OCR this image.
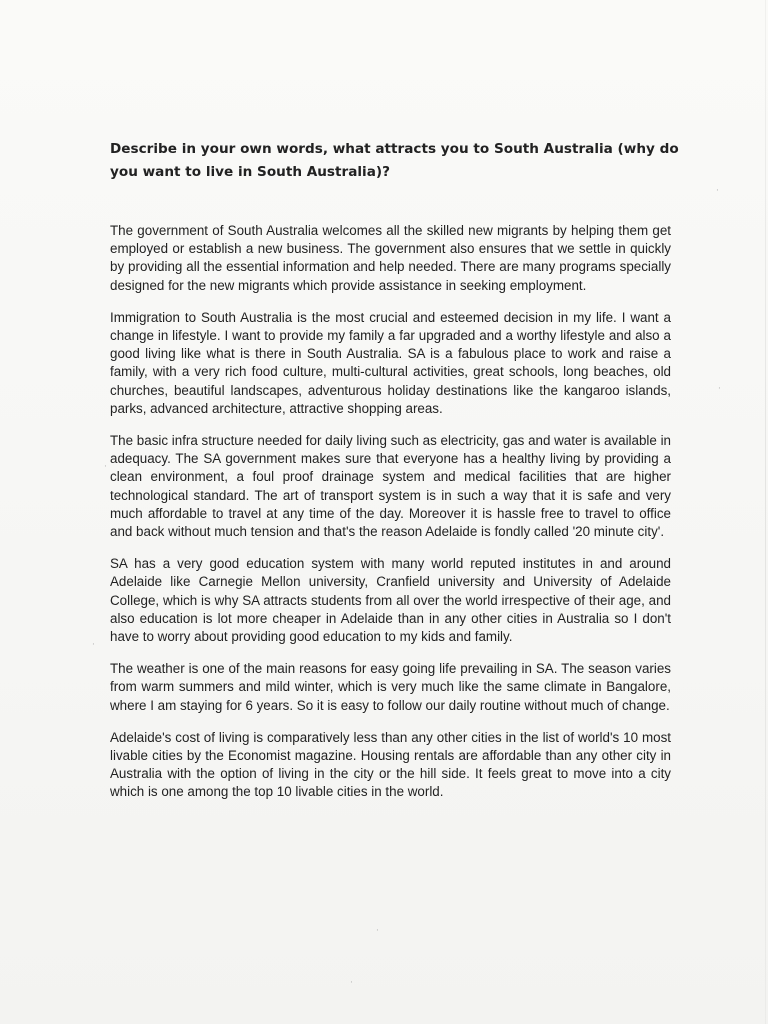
Describe in your own words, what attracts you to South Australia (why do you want to live in South Australia)?

The government of South Australia welcomes all the skilled new migrants by helping them get employed or establish a new business. The government also ensures that we settle in quickly by providing all the essential information and help needed. There are many programs specially designed for the new migrants which provide assistance in seeking employment.

Immigration to South Australia is the most crucial and esteemed decision in my life. I want a change in lifestyle. I want to provide my family a far upgraded and a worthy lifestyle and also a good living like what is there in South Australia. SA is a fabulous place to work and raise a family, with a very rich food culture, multi-cultural activities, great schools, long beaches, old churches, beautiful landscapes, adventurous holiday destinations like the kangaroo islands, parks, advanced architecture, attractive shopping areas.

The basic infra structure needed for daily living such as electricity, gas and water is available in adequacy. The SA government makes sure that everyone has a healthy living by providing a clean environment, a foul proof drainage system and medical facilities that are higher technological standard. The art of transport system is in such a way that it is safe and very much affordable to travel at any time of the day. Moreover it is hassle free to travel to office and back without much tension and that's the reason Adelaide is fondly called '20 minute city'.

SA has a very good education system with many world reputed institutes in and around Adelaide like Carnegie Mellon university, Cranfield university and University of Adelaide College, which is why SA attracts students from all over the world irrespective of their age, and also education is lot more cheaper in Adelaide than in any other cities in Australia so I don't have to worry about providing good education to my kids and family.

The weather is one of the main reasons for easy going life prevailing in SA. The season varies from warm summers and mild winter, which is very much like the same climate in Bangalore, where I am staying for 6 years. So it is easy to follow our daily routine without much of change.

Adelaide's cost of living is comparatively less than any other cities in the list of world's 10 most livable cities by the Economist magazine. Housing rentals are affordable than any other city in Australia with the option of living in the city or the hill side. It feels great to move into a city which is one among the top 10 livable cities in the world.

·
·
·
·
·
·
